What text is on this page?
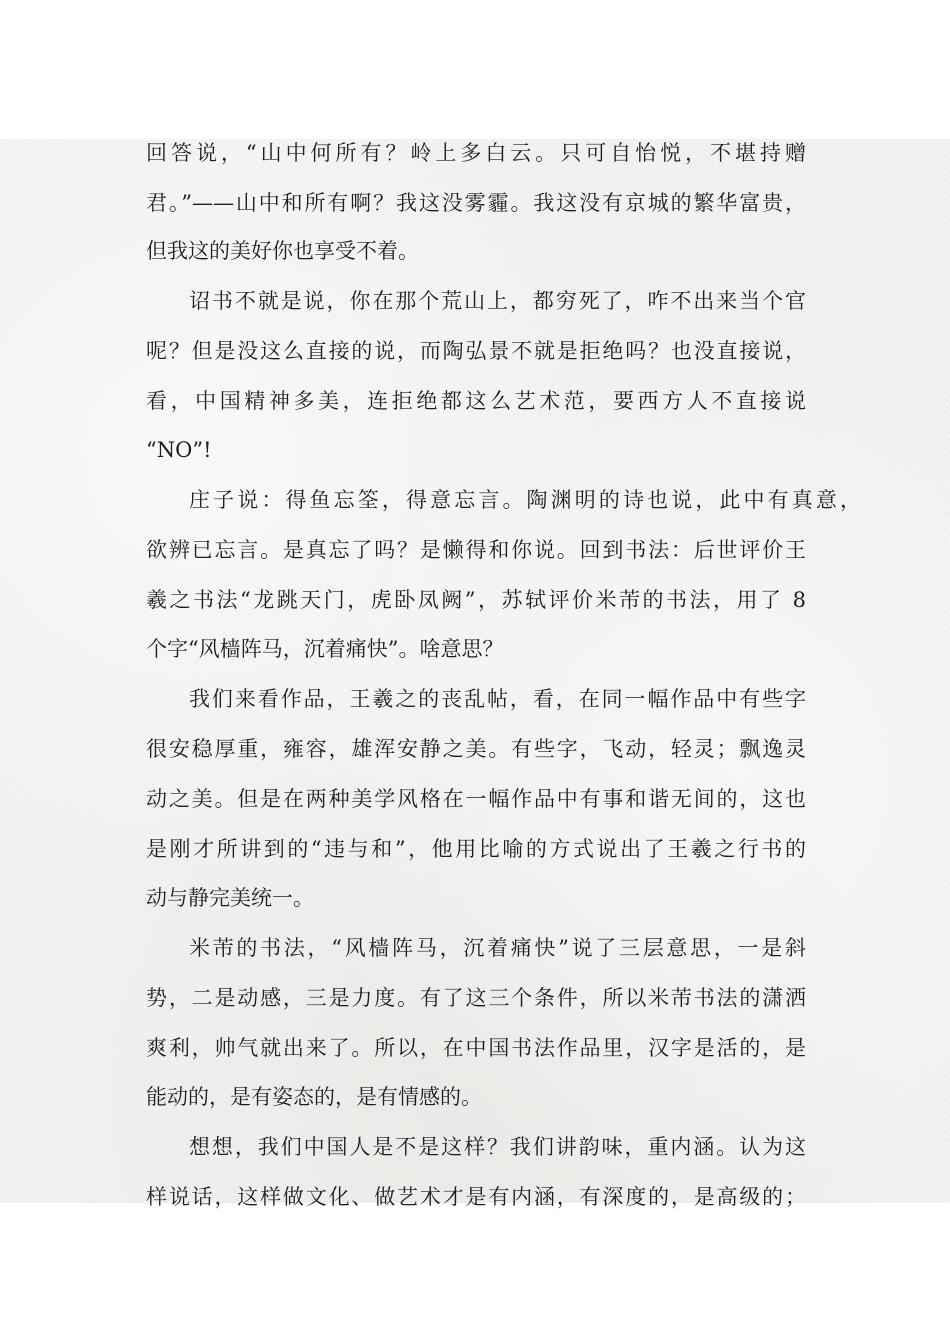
回答说，“山中何所有？岭上多白云。只可自怡悦，不堪持赠
君。”——山中和所有啊？我这没雾霾。我这没有京城的繁华富贵，
但我这的美好你也享受不着。
诏书不就是说，你在那个荒山上，都穷死了，咋不出来当个官
呢？但是没这么直接的说，而陶弘景不就是拒绝吗？也没直接说，
看，中国精神多美，连拒绝都这么艺术范，要西方人不直接说
“NO”!
庄子说：得鱼忘筌，得意忘言。陶渊明的诗也说，此中有真意，
欲辨已忘言。是真忘了吗？是懒得和你说。回到书法：后世评价王
羲之书法“龙跳天门，虎卧凤阙”，苏轼评价米芾的书法，用了 8
个字“风樯阵马，沉着痛快”。啥意思？
我们来看作品，王羲之的丧乱帖，看，在同一幅作品中有些字
很安稳厚重，雍容，雄浑安静之美。有些字，飞动，轻灵；飘逸灵
动之美。但是在两种美学风格在一幅作品中有事和谐无间的，这也
是刚才所讲到的“违与和”，他用比喻的方式说出了王羲之行书的
动与静完美统一。
米芾的书法，“风樯阵马，沉着痛快”说了三层意思，一是斜
势，二是动感，三是力度。有了这三个条件，所以米芾书法的潇洒
爽利，帅气就出来了。所以，在中国书法作品里，汉字是活的，是
能动的，是有姿态的，是有情感的。
想想，我们中国人是不是这样？我们讲韵味，重内涵。认为这
样说话，这样做文化、做艺术才是有内涵，有深度的，是高级的；
